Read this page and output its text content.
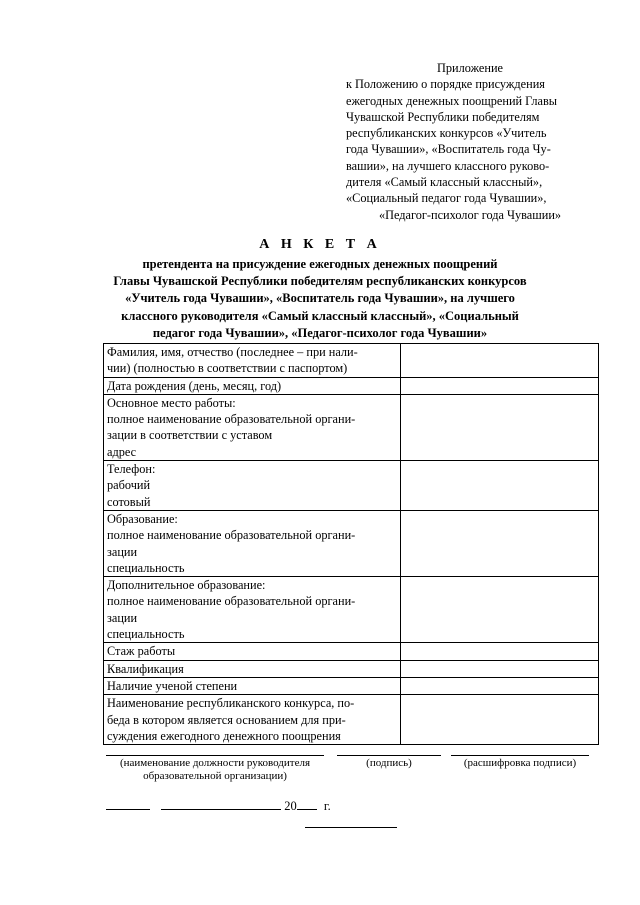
Приложение
к Положению о порядке присуждения
ежегодных денежных поощрений Главы
Чувашской Республики победителям
республиканских конкурсов «Учитель
года Чувашии», «Воспитатель года Чу-
вашии», на лучшего классного руково-
дителя «Самый классный классный»,
«Социальный педагог года Чувашии»,
«Педагог-психолог года Чувашии»
А Н К Е Т А
претендента на присуждение ежегодных денежных поощрений
Главы Чувашской Республики победителям республиканских конкурсов
«Учитель года Чувашии», «Воспитатель года Чувашии», на лучшего
классного руководителя «Самый классный классный», «Социальный
педагог года Чувашии», «Педагог-психолог года Чувашии»
Фамилия, имя, отчество (последнее – при нали-
чии) (полностью в соответствии с паспортом)	

Дата рождения (день, месяц, год)	

Основное место работы:
полное наименование образовательной органи-
зации в соответствии с уставом
адрес	

Телефон:
рабочий
сотовый	

Образование:
полное наименование образовательной органи-
зации
специальность	

Дополнительное образование:
полное наименование образовательной органи-
зации
специальность	

Стаж работы	

Квалификация	

Наличие ученой степени	

Наименование республиканского конкурса, по-
беда в котором является основанием для при-
суждения ежегодного денежного поощрения	

(наименование должности руководителя
образовательной организации)
(подпись)	(расшифровка подписи)
20 г.
